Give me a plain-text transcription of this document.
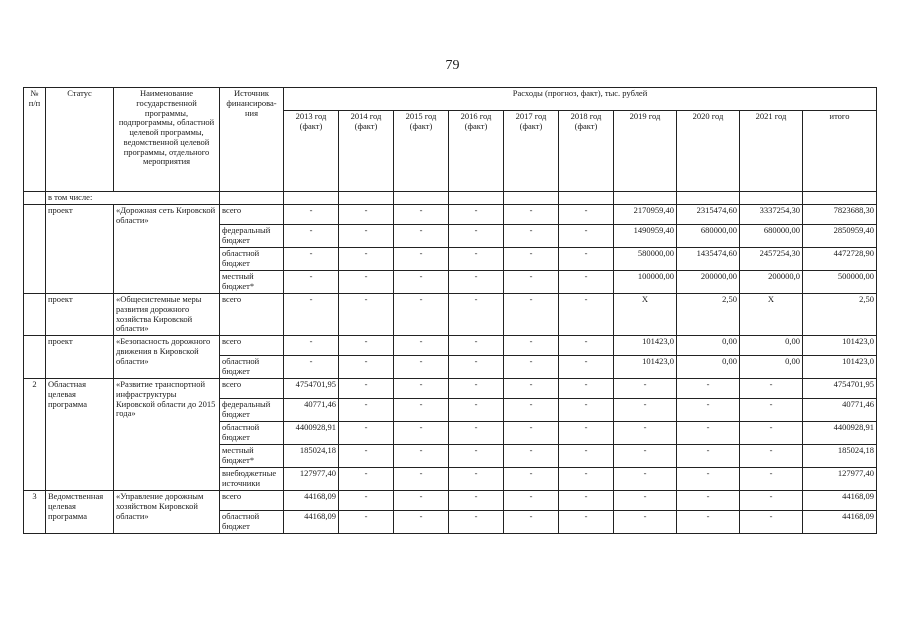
79
№ п/п	Статус	Наименование государственной программы, подпрограммы, областной целевой программы, ведомственной целевой программы, отдельного мероприятия	Источник финансирова-ния	Расходы (прогноз, факт), тыс. рублей									
				2013 год (факт)	2014 год (факт)	2015 год (факт)	2016 год (факт)	2017 год (факт)	2018 год (факт)	2019 год	2020 год	2021 год	итого
	в том числе:												
	проект	«Дорожная сеть Кировской области»	всего	-	-	-	-	-	-	2170959,40	2315474,60	3337254,30	7823688,30
			федеральный бюджет	-	-	-	-	-	-	1490959,40	680000,00	680000,00	2850959,40
			областной бюджет	-	-	-	-	-	-	580000,00	1435474,60	2457254,30	4472728,90
			местный бюджет*	-	-	-	-	-	-	100000,00	200000,00	200000,0	500000,00
	проект	«Общесистемные меры развития дорожного хозяйства Кировской области»	всего	-	-	-	-	-	-	X	2,50	X	2,50
	проект	«Безопасность дорожного движения в Кировской области»	всего	-	-	-	-	-	-	101423,0	0,00	0,00	101423,0
			областной бюджет	-	-	-	-	-	-	101423,0	0,00	0,00	101423,0
2	Областная целевая программа	«Развитие транспортной инфраструктуры Кировской области до 2015 года»	всего	4754701,95	-	-	-	-	-	-	-	-	4754701,95
			федеральный бюджет	40771,46	-	-	-	-	-	-	-	-	40771,46
			областной бюджет	4400928,91	-	-	-	-	-	-	-	-	4400928,91
			местный бюджет*	185024,18	-	-	-	-	-	-	-	-	185024,18
			внебюджетные источники	127977,40	-	-	-	-	-	-	-	-	127977,40
3	Ведомственная целевая программа	«Управление дорожным хозяйством Кировской области»	всего	44168,09	-	-	-	-	-	-	-	-	44168,09
			областной бюджет	44168,09	-	-	-	-	-	-	-	-	44168,09
